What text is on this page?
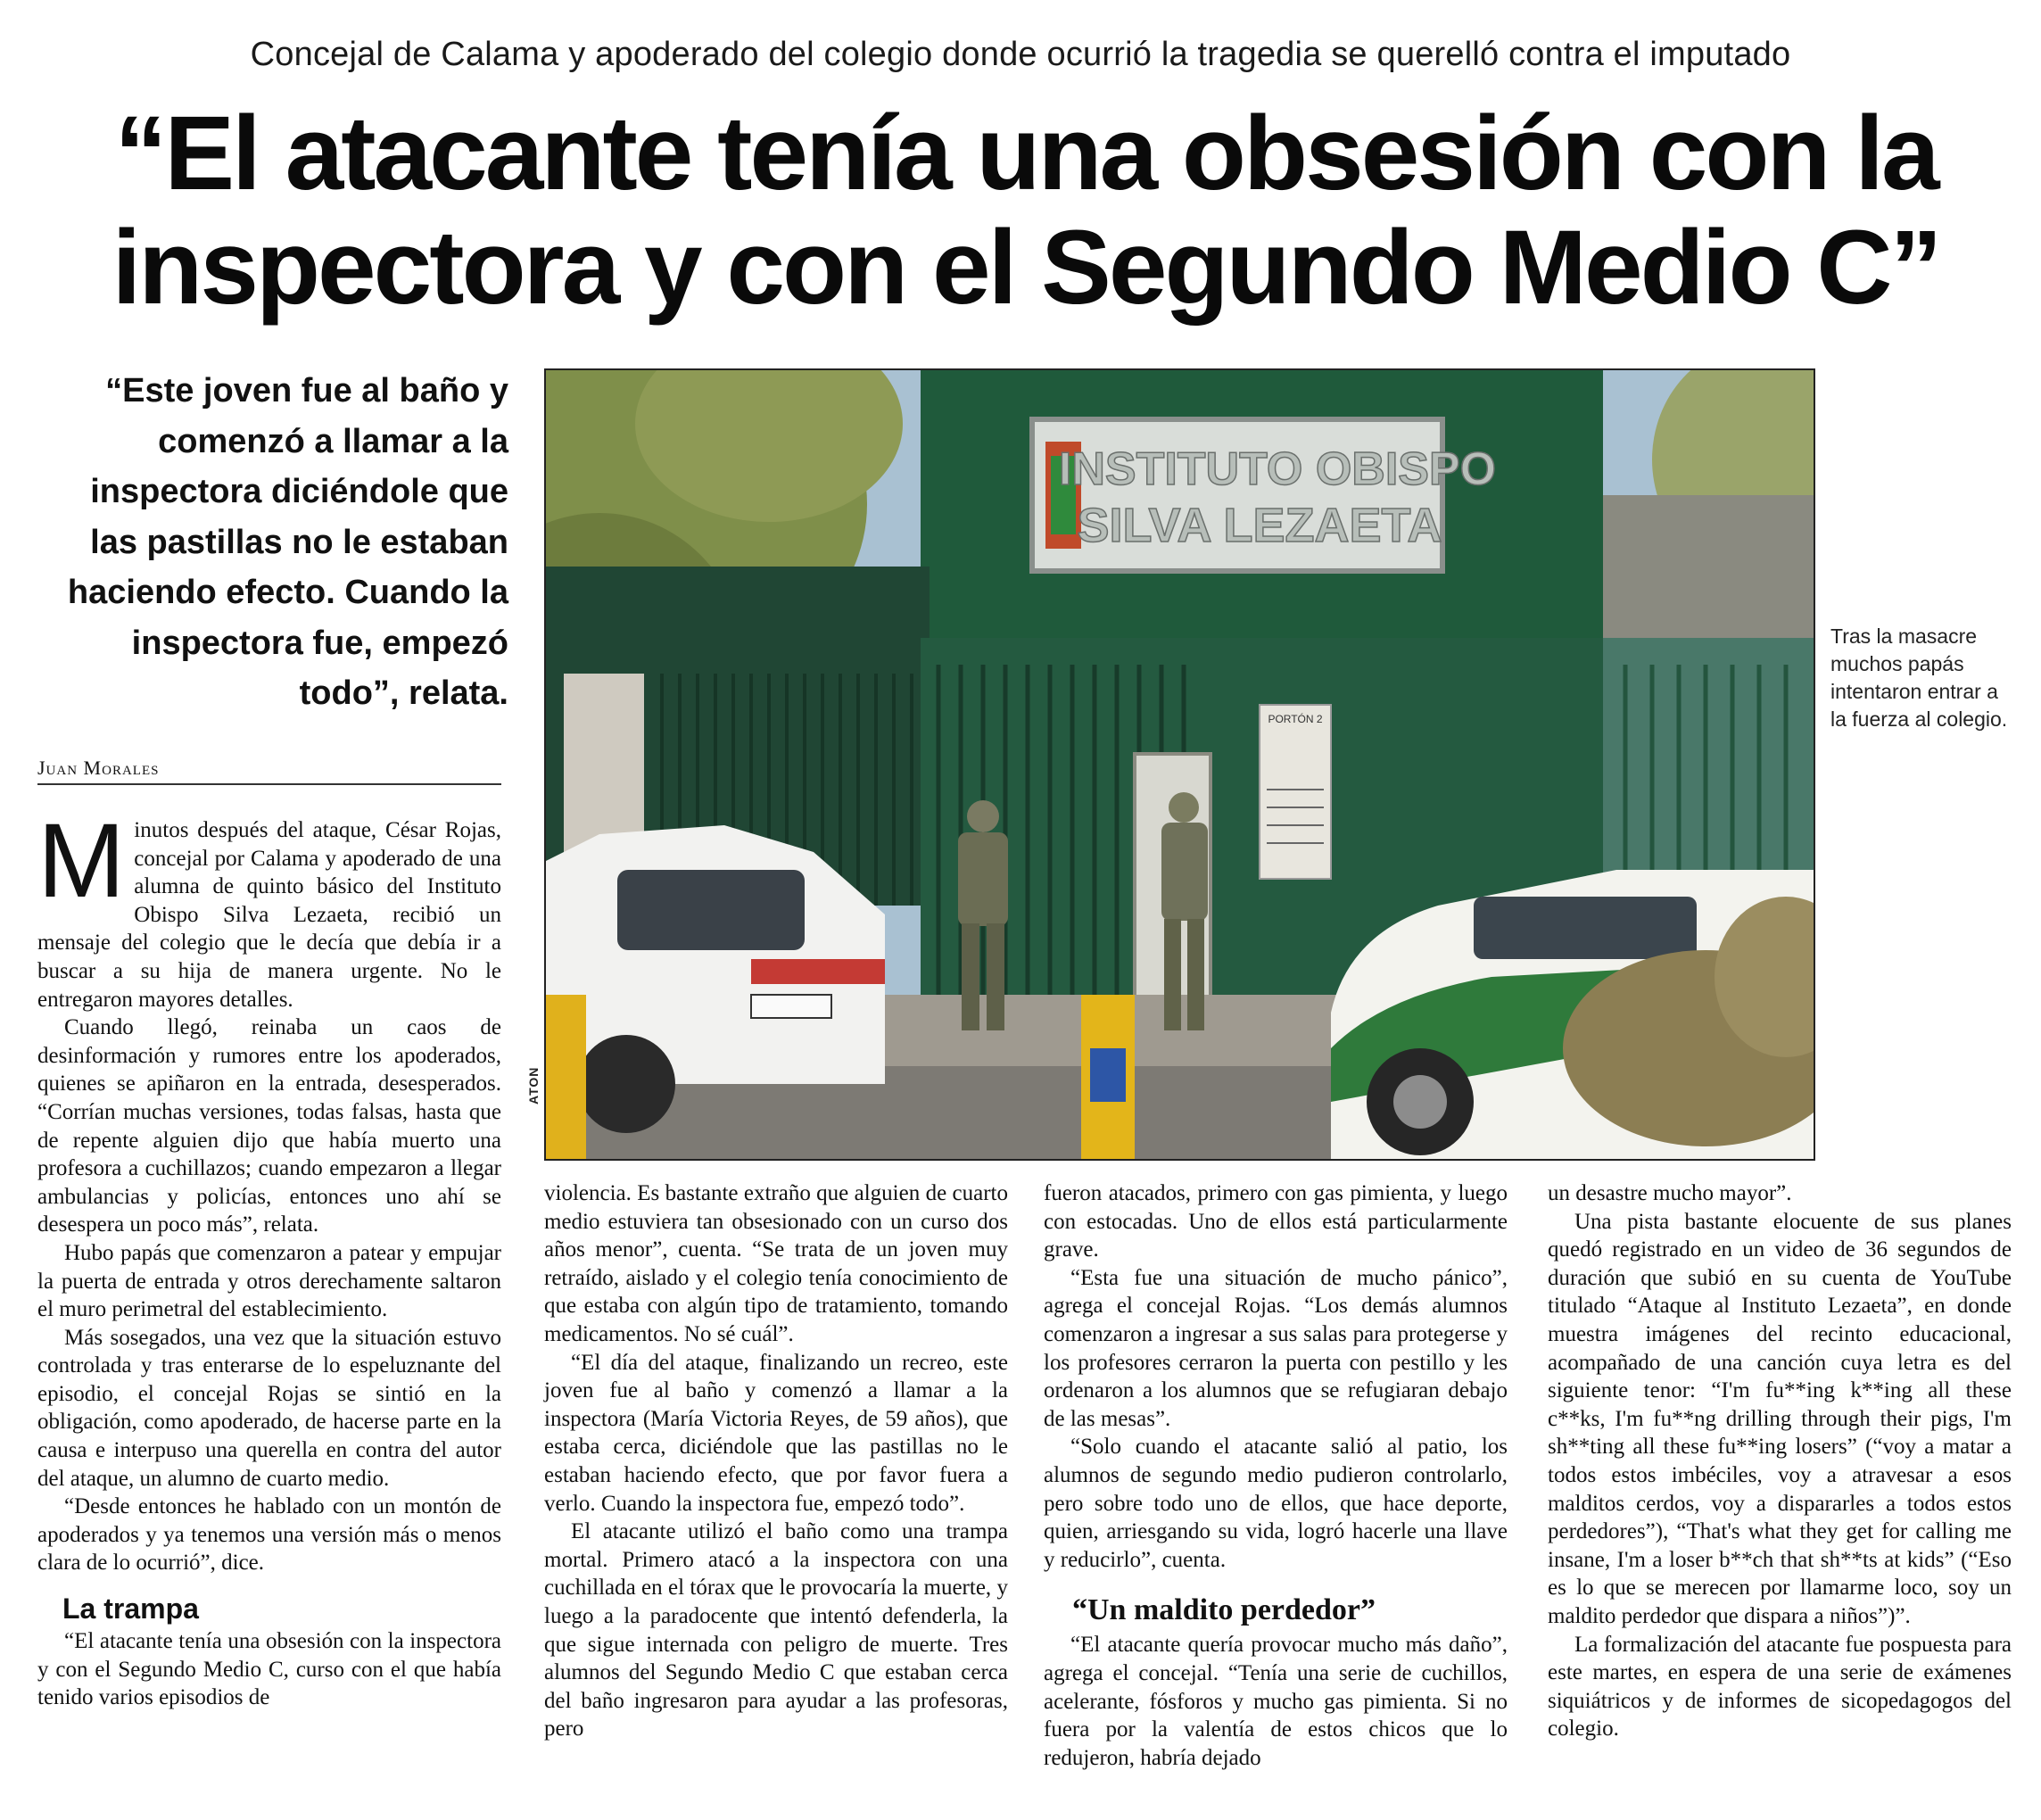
Concejal de Calama y apoderado del colegio donde ocurrió la tragedia se querelló contra el imputado
“El atacante tenía una obsesión con la
inspectora y con el Segundo Medio C”
“Este joven fue al baño y comenzó a llamar a la inspectora diciéndole que las pastillas no le estaban haciendo efecto. Cuando la inspectora fue, empezó todo”, relata.
Juan Morales
INSTITUTO OBISPO
SILVA LEZAETA
PORTÓN 2
ATON
Tras la masacre muchos papás intentaron entrar a la fuerza al colegio.

Minutos después del ataque, César Rojas, concejal por Calama y apoderado de una alumna de quinto básico del Instituto Obispo Silva Lezaeta, recibió un mensaje del colegio que le decía que debía ir a buscar a su hija de manera urgente. No le entregaron mayores detalles.

Cuando llegó, reinaba un caos de desinformación y rumores entre los apoderados, quienes se apiñaron en la entrada, desesperados. “Corrían muchas versiones, todas falsas, hasta que de repente alguien dijo que había muerto una profesora a cuchillazos; cuando empezaron a llegar ambulancias y policías, entonces uno ahí se desespera un poco más”, relata.

Hubo papás que comenzaron a patear y empujar la puerta de entrada y otros derechamente saltaron el muro perimetral del establecimiento.

Más sosegados, una vez que la situación estuvo controlada y tras enterarse de lo espeluznante del episodio, el concejal Rojas se sintió en la obligación, como apoderado, de hacerse parte en la causa e interpuso una querella en contra del autor del ataque, un alumno de cuarto medio.

“Desde entonces he hablado con un montón de apoderados y ya tenemos una versión más o menos clara de lo ocurrió”, dice.

La trampa

“El atacante tenía una obsesión con la inspectora y con el Segundo Medio C, curso con el que había tenido varios episodios de

violencia. Es bastante extraño que alguien de cuarto medio estuviera tan obsesionado con un curso dos años menor”, cuenta. “Se trata de un joven muy retraído, aislado y el colegio tenía conocimiento de que estaba con algún tipo de tratamiento, tomando medicamentos. No sé cuál”.

“El día del ataque, finalizando un recreo, este joven fue al baño y comenzó a llamar a la inspectora (María Victoria Reyes, de 59 años), que estaba cerca, diciéndole que las pastillas no le estaban haciendo efecto, que por favor fuera a verlo. Cuando la inspectora fue, empezó todo”.

El atacante utilizó el baño como una trampa mortal. Primero atacó a la inspectora con una cuchillada en el tórax que le provocaría la muerte, y luego a la paradocente que intentó defenderla, la que sigue internada con peligro de muerte. Tres alumnos del Segundo Medio C que estaban cerca del baño ingresaron para ayudar a las profesoras, pero

fueron atacados, primero con gas pimienta, y luego con estocadas. Uno de ellos está particularmente grave.

“Esta fue una situación de mucho pánico”, agrega el concejal Rojas. “Los demás alumnos comenzaron a ingresar a sus salas para protegerse y los profesores cerraron la puerta con pestillo y les ordenaron a los alumnos que se refugiaran debajo de las mesas”.

“Solo cuando el atacante salió al patio, los alumnos de segundo medio pudieron controlarlo, pero sobre todo uno de ellos, que hace deporte, quien, arriesgando su vida, logró hacerle una llave y reducirlo”, cuenta.

“Un maldito perdedor”

“El atacante quería provocar mucho más daño”, agrega el concejal. “Tenía una serie de cuchillos, acelerante, fósforos y mucho gas pimienta. Si no fuera por la valentía de estos chicos que lo redujeron, habría dejado

un desastre mucho mayor”.

Una pista bastante elocuente de sus planes quedó registrado en un video de 36 segundos de duración que subió en su cuenta de YouTube titulado “Ataque al Instituto Lezaeta”, en donde muestra imágenes del recinto educacional, acompañado de una canción cuya letra es del siguiente tenor: “I'm fu**ing k**ing all these c**ks, I'm fu**ng drilling through their pigs, I'm sh**ting all these fu**ing losers” (“voy a matar a todos estos imbéciles, voy a atravesar a esos malditos cerdos, voy a dispararles a todos estos perdedores”), “That's what they get for calling me insane, I'm a loser b**ch that sh**ts at kids” (“Eso es lo que se merecen por llamarme loco, soy un maldito perdedor que dispara a niños”)”.

La formalización del atacante fue pospuesta para este martes, en espera de una serie de exámenes siquiátricos y de informes de sicopedagogos del colegio.
